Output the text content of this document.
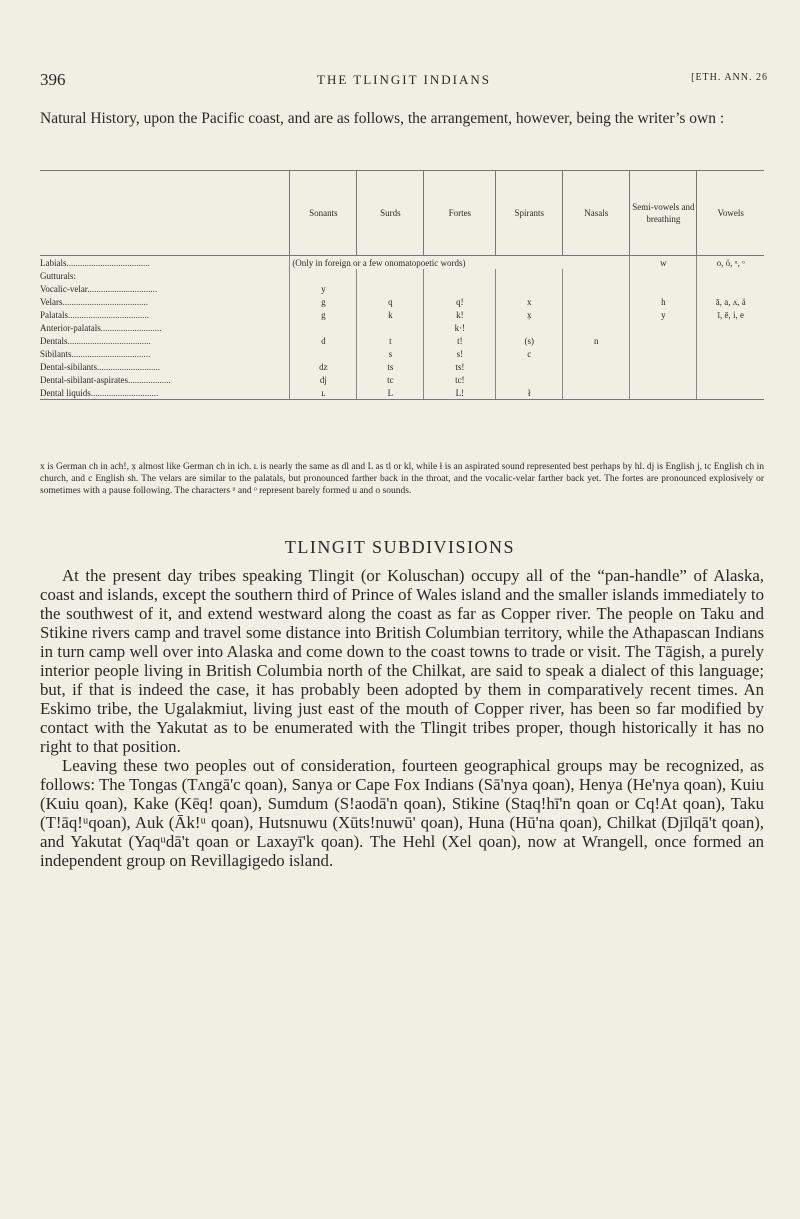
396	THE TLINGIT INDIANS	[ETH. ANN. 26
Natural History, upon the Pacific coast, and are as follows, the arrangement, however, being the writer’s own :
	Sonants	Surds	Fortes	Spirants	Nasals	Semi-vowels and breathing	Vowels
Labials.....................................	(Only in foreign or a few onomatopoetic words)					w	o, ö, ᵘ, ᵒ
Gutturals:							
Vocalic-velar...............................	y						
Velars......................................	g	q	q!	x		h	ā, a, ʌ, ä
Palatals....................................	g	k	k!	x̣		y	ī, ē, i, e
Anterior-palatals...........................			k·!				
Dentals.....................................	d	t	t!	(s)	n		
Sibilants...................................		s	s!	c			
Dental-sibilants............................	dz	ts	ts!				
Dental-sibilant-aspirates...................	dj	tc	tc!				
Dental liquids..............................	ʟ	L	L!	ł			
x is German ch in ach!, x̣ almost like German ch in ich. ʟ is nearly the same as dl and L as tl or kl, while ł is an aspirated sound represented best perhaps by hl. dj is English j, tc English ch in church, and c English sh. The velars are similar to the palatals, but pronounced farther back in the throat, and the vocalic-velar farther back yet. The fortes are pronounced explosively or sometimes with a pause following. The characters ᵘ and ᵒ represent barely formed u and o sounds.
TLINGIT SUBDIVISIONS

At the present day tribes speaking Tlingit (or Koluschan) occupy all of the “pan-handle” of Alaska, coast and islands, except the southern third of Prince of Wales island and the smaller islands immediately to the southwest of it, and extend westward along the coast as far as Copper river. The people on Taku and Stikine rivers camp and travel some distance into British Columbian territory, while the Athapascan Indians in turn camp well over into Alaska and come down to the coast towns to trade or visit. The Tāgish, a purely interior people living in British Columbia north of the Chilkat, are said to speak a dialect of this language; but, if that is indeed the case, it has probably been adopted by them in comparatively recent times. An Eskimo tribe, the Ugalakmiut, living just east of the mouth of Copper river, has been so far modified by contact with the Yakutat as to be enumerated with the Tlingit tribes proper, though historically it has no right to that position.

Leaving these two peoples out of consideration, fourteen geographical groups may be recognized, as follows: The Tongas (Tʌngā'c qoan), Sanya or Cape Fox Indians (Sā'nya qoan), Henya (He'nya qoan), Kuiu (Kuiu qoan), Kake (Kēq! qoan), Sumdum (S!aodā'n qoan), Stikine (Staq!hī'n qoan or Cq!At qoan), Taku (T!āq!ᵘqoan), Auk (Āk!ᵘ qoan), Hutsnuwu (Xūts!nuwū' qoan), Huna (Hū'na qoan), Chilkat (Djīlqā't qoan), and Yakutat (Yaqᵘdā't qoan or Laxayī'k qoan). The Hehl (Xel qoan), now at Wrangell, once formed an independent group on Revillagigedo island.
